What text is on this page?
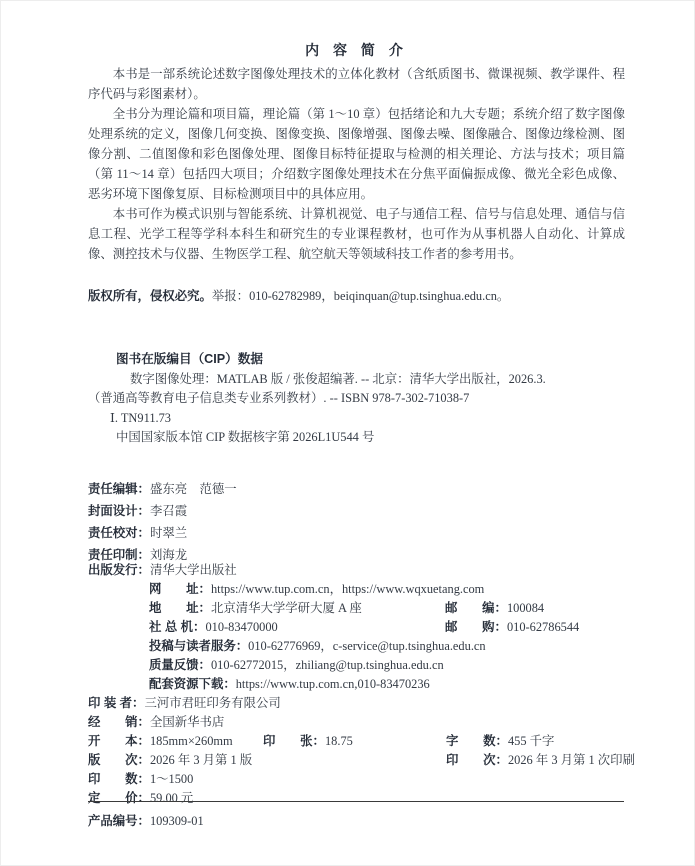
内 容 简 介

本书是一部系统论述数字图像处理技术的立体化教材（含纸质图书、微课视频、教学课件、程序代码与彩图素材）。

全书分为理论篇和项目篇，理论篇（第 1～10 章）包括绪论和九大专题；系统介绍了数字图像处理系统的定义，图像几何变换、图像变换、图像增强、图像去噪、图像融合、图像边缘检测、图像分割、二值图像和彩色图像处理、图像目标特征提取与检测的相关理论、方法与技术；项目篇（第 11～14 章）包括四大项目；介绍数字图像处理技术在分焦平面偏振成像、微光全彩色成像、恶劣环境下图像复原、目标检测项目中的具体应用。

本书可作为模式识别与智能系统、计算机视觉、电子与通信工程、信号与信息处理、通信与信息工程、光学工程等学科本科生和研究生的专业课程教材，也可作为从事机器人自动化、计算成像、测控技术与仪器、生物医学工程、航空航天等领域科技工作者的参考用书。

版权所有，侵权必究。举报：010-62782989，beiqinquan@tup.tsinghua.edu.cn。
图书在版编目（CIP）数据
数字图像处理：MATLAB 版 / 张俊超编著. -- 北京：清华大学出版社，2026.3.
（普通高等教育电子信息类专业系列教材）. -- ISBN 978-7-302-71038-7
Ⅰ. TN911.73
中国国家版本馆 CIP 数据核字第 2026L1U544 号
责任编辑：盛东亮　范德一
封面设计：李召霞
责任校对：时翠兰
责任印制：刘海龙
出版发行：清华大学出版社
网　　址：https://www.tup.com.cn，https://www.wqxuetang.com
地　　址：北京清华大学学研大厦 A 座	邮　　编：100084
社 总 机：010-83470000	邮　　购：010-62786544
投稿与读者服务：010-62776969，c-service@tup.tsinghua.edu.cn
质量反馈：010-62772015，zhiliang@tup.tsinghua.edu.cn
配套资源下载：https://www.tup.com.cn,010-83470236
印 装 者：三河市君旺印务有限公司
经　　销：全国新华书店
开　　本：185mm×260mm 印　　张：18.75	字　　数：455 千字
版　　次：2026 年 3 月第 1 版	印　　次：2026 年 3 月第 1 次印刷
印　　数：1～1500
定　　价：59.00 元
产品编号：109309-01
